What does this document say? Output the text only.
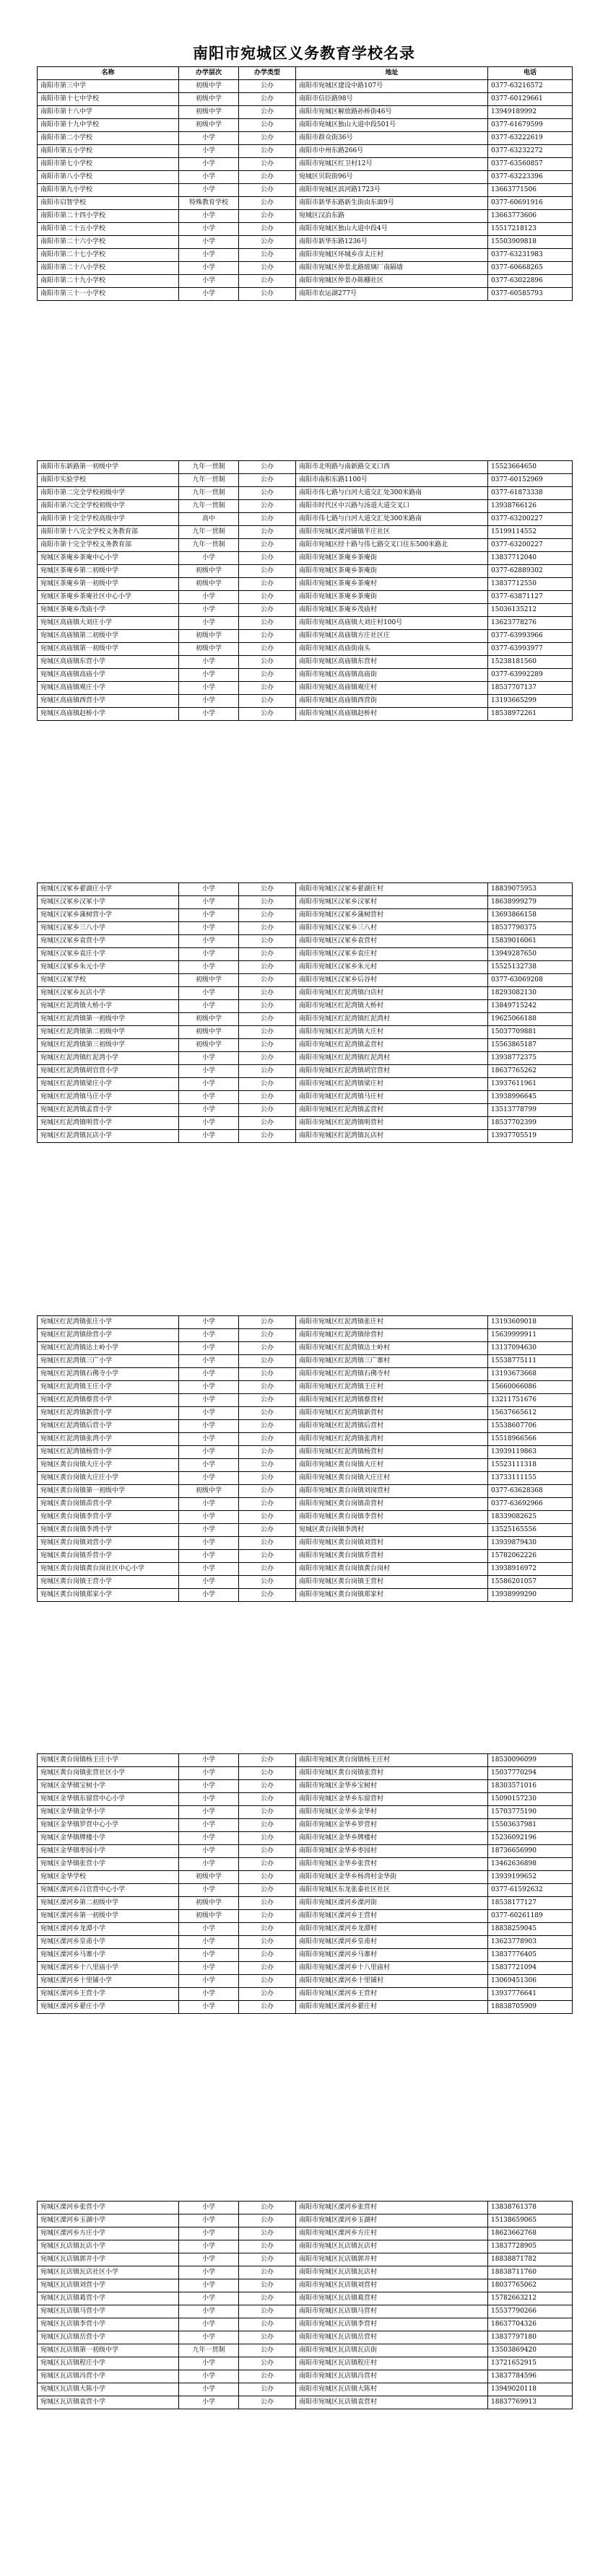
南阳市宛城区义务教育学校名录
名称	办学层次	办学类型	地址	电话
南阳市第三中学	初级中学	公办	南阳市宛城区建设中路107号	0377-63216572
南阳市第十七中学校	初级中学	公办	南阳市信臣路98号	0377-60129661
南阳市第十八中学	初级中学	公办	南阳市宛城区解放路孙桥街46号	13949189992
南阳市第十九中学校	初级中学	公办	南阳市宛城区独山大道中段501号	0377-61679599
南阳市第二小学校	小学	公办	南阳市群众街36号	0377-63222619
南阳市第五小学校	小学	公办	南阳市中州东路266号	0377-63232272
南阳市第七小学校	小学	公办	南阳市宛城区红卫村12号	0377-63560857
南阳市第八小学校	小学	公办	宛城区贝院街96号	0377-63223396
南阳市第九小学校	小学	公办	南阳市宛城区滨河路1723号	13663771506
南阳市启智学校	特殊教育学校	公办	南阳市新华东路新生街由东面9号	0377-60691916
南阳市第二十四小学校	小学	公办	宛城区汉冶东路	13663773606
南阳市第二十五小学校	小学	公办	南阳市宛城区独山大道中段4号	15517218123
南阳市第二十六小学校	小学	公办	南阳市新华东路1236号	15503909818
南阳市第二十七小学校	小学	公办	南阳市宛城区环城乡彦太庄村	0377-63231983
南阳市第二十八小学校	小学	公办	南阳市宛城区仲景北路玻璃厂南隔墙	0377-60668265
南阳市第二十九小学校	小学	公办	南阳市宛城区仲景办陈棚社区	0377-63022896
南阳市第三十一小学校	小学	公办	南阳市农运湖277号	0377-60585793
南阳市东新路第一初级中学	九年一贯制	公办	南阳市北明路与南新路交叉口西	15523664650
南阳市实验学校	九年一贯制	公办	南阳市南积东路1100号	0377-60152969
南阳市第二完全学校初级中学	九年一贯制	公办	南阳市伟七路与白河大道交汇处300米路南	0377-61873338
南阳市第六完全学校初级中学	九年一贯制	公办	南阳市时代区中兴路与汤道大道交叉口	13938766126
南阳市第十完全学校高级中学	高中	公办	南阳市伟七路与白河大道交汇处300米路南	0377-63200227
南阳市第十八完全学校义务教育部	九年一贯制	公办	南阳市宛城区溧河铺镇半庄社区	15199114552
南阳市第十完全学校义务教育部	九年一贯制	公办	南阳市宛城区经十路与伟七路交叉口往东500米路北	0377-63200227
宛城区茶庵乡茶庵中心小学	小学	公办	南阳市宛城区茶庵乡茶庵街	13837712040
宛城区茶庵乡第二初级中学	初级中学	公办	南阳市宛城区茶庵乡茶庵街	0377-62889302
宛城区茶庵乡第一初级中学	初级中学	公办	南阳市宛城区茶庵乡茶庵村	13837712550
宛城区茶庵乡茶庵社区中心小学	小学	公办	南阳市宛城区茶庵乡茶庵街	0377-63871127
宛城区茶庵乡茂庙小学	小学	公办	南阳市宛城区茶庵乡茂庙村	15036135212
宛城区高庙镇大刘庄小学	小学	公办	南阳市宛城区高庙镇大刘庄村100号	13623778276
宛城区高庙镇第二初级中学	初级中学	公办	南阳市宛城区高庙镇方庄社区庄	0377-63993966
宛城区高庙镇第一初级中学	初级中学	公办	南阳市宛城区高庙街南头	0377-63993977
宛城区高庙镇东营小学	小学	公办	南阳市宛城区高庙镇东营村	15238181560
宛城区高庙镇高庙小学	小学	公办	南阳市宛城区高庙镇高庙街	0377-63992289
宛城区高庙镇观庄小学	小学	公办	南阳市宛城区高庙镇观庄村	18537707137
宛城区高庙镇西营小学	小学	公办	南阳市宛城区高庙镇西营街	13193665299
宛城区高庙镇赵桥小学	小学	公办	南阳市宛城区高庙镇赵桥村	18538972261
宛城区汉冢乡翟湖庄小学	小学	公办	南阳市宛城区汉冢乡翟湖庄村	18839075953
宛城区汉冢乡汉冢小学	小学	公办	南阳市宛城区汉冢乡汉冢村	18638999279
宛城区汉冢乡蒲树营小学	小学	公办	南阳市宛城区汉冢乡蒲树营村	13693866158
宛城区汉冢乡三八小学	小学	公办	南阳市宛城区汉冢乡三八村	18537790375
宛城区汉冢乡袁营小学	小学	公办	南阳市宛城区汉冢乡袁营村	15839016061
宛城区汉冢乡袁庄小学	小学	公办	南阳市宛城区汉冢乡袁庄村	13949287650
宛城区汉冢乡朱元小学	小学	公办	南阳市宛城区汉冢乡朱元村	15525132738
宛城区汉冢学校	初级中学	公办	南阳市宛城区汉冢乡后谷村	0377-63069208
宛城区汉冢乡瓦店小学	小学	公办	南阳市宛城区红泥湾镇白店村	18293082130
宛城区红泥湾镇大桥小学	小学	公办	南阳市宛城区红泥湾镇大桥村	13849715242
宛城区红泥湾镇第一初级中学	初级中学	公办	南阳市宛城区红泥湾镇红泥湾村	19625066188
宛城区红泥湾镇第二初级中学	初级中学	公办	南阳市宛城区红泥湾镇大庄村	15037709881
宛城区红泥湾镇第三初级中学	初级中学	公办	南阳市宛城区红泥湾镇孟营村	15563865187
宛城区红泥湾镇红泥湾小学	小学	公办	南阳市宛城区红泥湾镇红泥湾村	13938772375
宛城区红泥湾镇胡官营小学	小学	公办	南阳市宛城区红泥湾镇胡官营村	18637765262
宛城区红泥湾镇梁庄小学	小学	公办	南阳市宛城区红泥湾镇梁庄村	13937611961
宛城区红泥湾镇马庄小学	小学	公办	南阳市宛城区红泥湾镇马庄村	13938996645
宛城区红泥湾镇孟营小学	小学	公办	南阳市宛城区红泥湾镇孟营村	13513778799
宛城区红泥湾镇明营小学	小学	公办	南阳市宛城区红泥湾镇明营村	18537702399
宛城区红泥湾镇瓦店小学	小学	公办	南阳市宛城区红泥湾镇瓦店村	13937705519
宛城区红泥湾镇张庄小学	小学	公办	南阳市宛城区红泥湾镇张庄村	13193609018
宛城区红泥湾镇徐营小学	小学	公办	南阳市宛城区红泥湾镇徐营村	15639999911
宛城区红泥湾镇达士岭小学	小学	公办	南阳市宛城区红泥湾镇达士岭村	13137094630
宛城区红泥湾镇三广小学	小学	公办	南阳市宛城区红泥湾镇三广寨村	15538775111
宛城区红泥湾镇石佛寺小学	小学	公办	南阳市宛城区红泥湾镇石佛寺村	13193673668
宛城区红泥湾镇王庄小学	小学	公办	南阳市宛城区红泥湾镇王庄村	15660066086
宛城区红泥湾镇蔡营小学	小学	公办	南阳市宛城区红泥湾镇蔡营村	13211751676
宛城区红泥湾镇新营小学	小学	公办	南阳市宛城区红泥湾镇新营村	15637665612
宛城区红泥湾镇后营小学	小学	公办	南阳市宛城区红泥湾镇后营村	15538607706
宛城区红泥湾镇张湾小学	小学	公办	南阳市宛城区红泥湾镇张湾村	15518966566
宛城区红泥湾镇杨营小学	小学	公办	南阳市宛城区红泥湾镇杨营村	13939119863
宛城区黄台岗镇大庄小学	小学	公办	南阳市宛城区黄台岗镇大庄村	15523111318
宛城区黄台岗镇大庄庄小学	小学	公办	南阳市宛城区黄台岗镇大庄庄村	13733111155
宛城区黄台岗镇第一初级中学	初级中学	公办	南阳市宛城区黄台岗镇刘岗营村	0377-63628368
宛城区黄台岗镇苗营小学	小学	公办	南阳市宛城区黄台岗镇苗营村	0377-63692966
宛城区黄台岗镇李营小学	小学	公办	南阳市宛城区黄台岗镇李营村	18339082625
宛城区黄台岗镇李湾小学	小学	公办	宛城区黄台岗镇李湾村	13525165556
宛城区黄台岗镇刘营小学	小学	公办	南阳市宛城区黄台岗镇刘营村	13939879430
宛城区黄台岗镇乔营小学	小学	公办	南阳市宛城区黄台岗镇乔营村	15782062226
宛城区黄台岗镇黄台岗社区中心小学	小学	公办	南阳市宛城区黄台岗镇黄台岗村	13938916972
宛城区黄台岗镇王营小学	小学	公办	南阳市宛城区黄台岗镇王营村	15586201057
宛城区黄台岗镇郑家小学	小学	公办	南阳市宛城区黄台岗镇郑家村	13938999290
宛城区黄台岗镇杨王庄小学	小学	公办	南阳市宛城区黄台岗镇杨王庄村	18530096099
宛城区黄台岗镇张营社区小学	小学	公办	南阳市宛城区黄台岗镇张营村	15037770294
宛城区金华镇宝树小学	小学	公办	南阳市宛城区金华乡宝树村	18303571016
宛城区金华镇东留营中心小学	小学	公办	南阳市宛城区金华乡东留营村	15090157230
宛城区金华镇金华小学	小学	公办	南阳市宛城区金华乡金华村	15703775190
宛城区金华镇罗营中心小学	小学	公办	南阳市宛城区金华乡罗营村	15503637981
宛城区金华镇牌楼小学	小学	公办	南阳市宛城区金华乡牌楼村	15236092196
宛城区金华镇枣园小学	小学	公办	南阳市宛城区金华乡枣园村	18736656990
宛城区金华镇张营小学	小学	公办	南阳市宛城区金华乡张营村	13462636898
宛城区金华学校	初级中学	公办	南阳市宛城区金华乡杨湾村金华街	13939199652
宛城区溧河乡吕官营中心小学	小学	公办	南阳市宛城区东龙张泰社区社区	0377-61592632
宛城区溧河乡第二初级中学	初级中学	公办	南阳市宛城区溧河乡溧河街	18538177127
宛城区溧河乡第一初级中学	初级中学	公办	南阳市宛城区溧河乡王营村	0377-60261189
宛城区溧河乡龙潭小学	小学	公办	南阳市宛城区溧河乡龙潭村	18838259045
宛城区溧河乡皇甫小学	小学	公办	南阳市宛城区溧河乡皇甫村	13623778903
宛城区溧河乡马寨小学	小学	公办	南阳市宛城区溧河乡马寨村	13837776405
宛城区溧河乡十八里庙小学	小学	公办	南阳市宛城区溧河乡十八里庙村	15837721094
宛城区溧河乡十里铺小学	小学	公办	南阳市宛城区溧河乡十里铺村	13069451306
宛城区溧河乡王营小学	小学	公办	南阳市宛城区溧河乡王营村	13937776641
宛城区溧河乡翟庄小学	小学	公办	南阳市宛城区溧河乡翟庄村	18838705909
宛城区溧河乡张营小学	小学	公办	南阳市宛城区溧河乡张营村	13838761378
宛城区溧河乡玉湖小学	小学	公办	南阳市宛城区溧河乡玉湖村	15138659065
宛城区溧河乡方庄小学	小学	公办	南阳市宛城区溧河乡方庄村	18623662768
宛城区瓦店镇瓦店小学	小学	公办	南阳市宛城区瓦店镇瓦店村	13837728905
宛城区瓦店镇郭井小学	小学	公办	南阳市宛城区瓦店镇郭井村	18838871782
宛城区瓦店镇瓦店社区小学	小学	公办	南阳市宛城区瓦店镇瓦店村	18838711760
宛城区瓦店镇刘营小学	小学	公办	南阳市宛城区瓦店镇刘营村	18037765062
宛城区瓦店镇葛营小学	小学	公办	南阳市宛城区瓦店镇葛营村	15782663212
宛城区瓦店镇马营小学	小学	公办	南阳市宛城区瓦店镇马营村	15537790266
宛城区瓦店镇李营小学	小学	公办	南阳市宛城区瓦店镇李营村	18637704326
宛城区瓦店镇岳营小学	小学	公办	南阳市宛城区瓦店镇岳营村	13837797180
宛城区瓦店镇第一初级中学	九年一贯制	公办	南阳市宛城区瓦店镇瓦店街	13503869420
宛城区瓦店镇程庄小学	小学	公办	南阳市宛城区瓦店镇程庄村	13721652915
宛城区瓦店镇冯营小学	小学	公办	南阳市宛城区瓦店镇冯营村	13837784596
宛城区瓦店镇大陈小学	小学	公办	南阳市宛城区瓦店镇大陈村	13949020118
宛城区瓦店镇袁营小学	小学	公办	南阳市宛城区瓦店镇袁营村	18837769913
